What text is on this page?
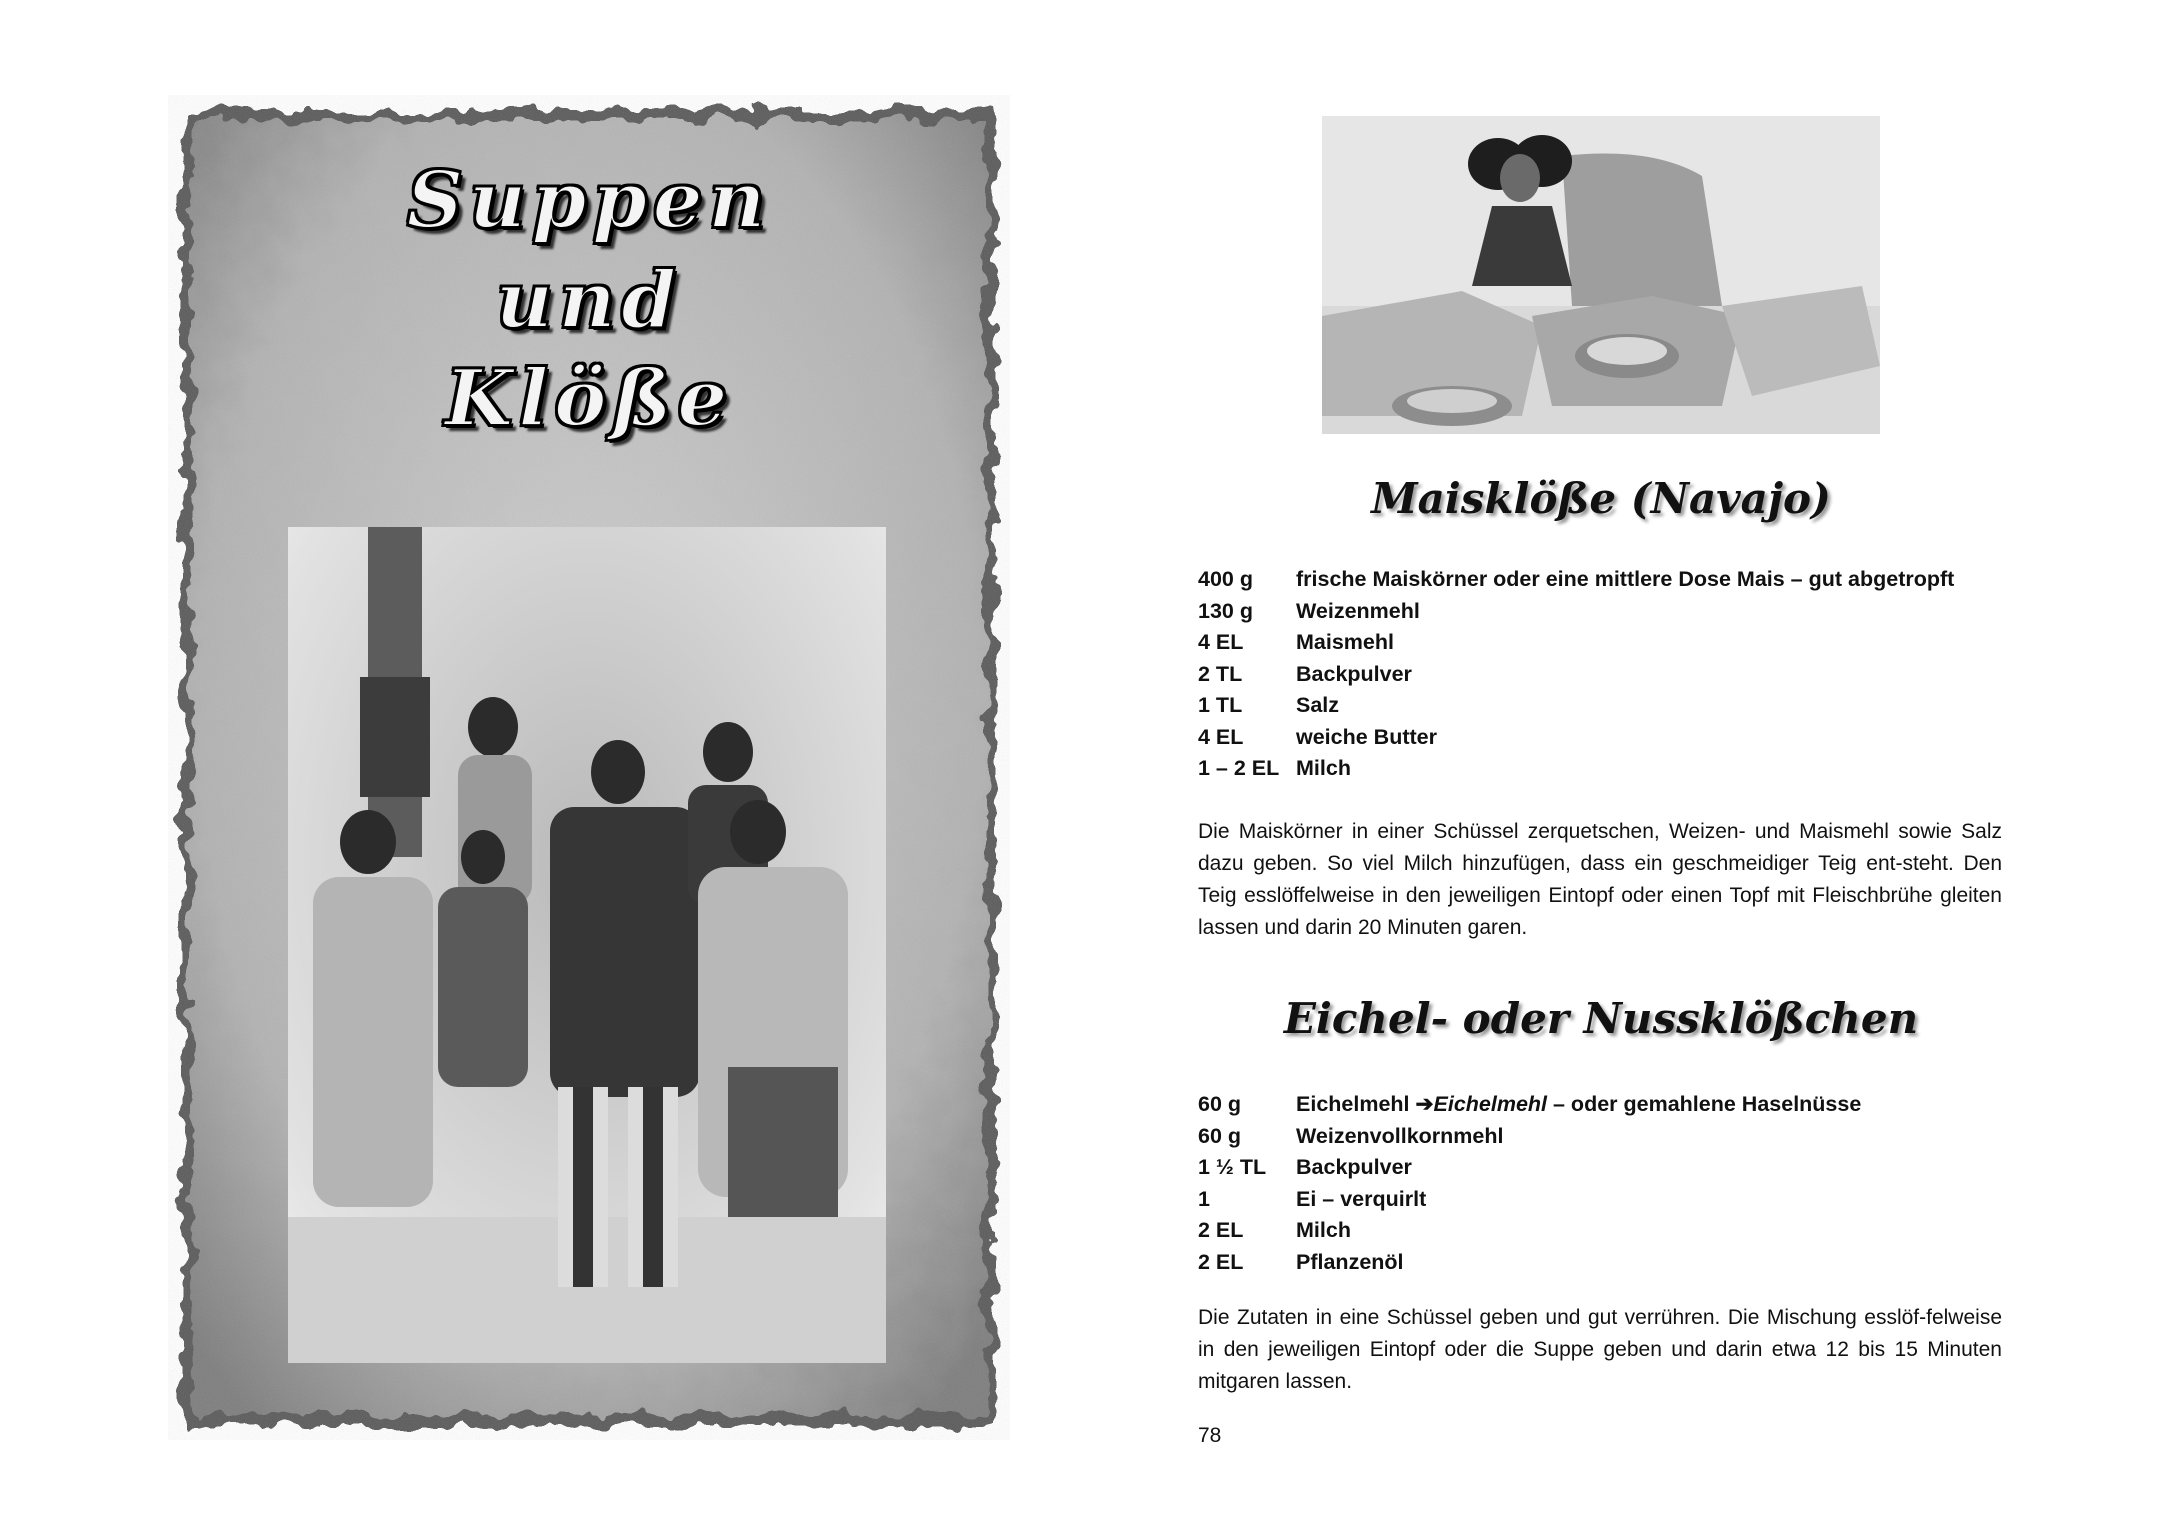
Suppen
und
Klöße
Maisklöße (Navajo)
400 g frische Maiskörner oder eine mittlere Dose Mais – gut abgetropft
130 g Weizenmehl
4 EL Maismehl
2 TL	Backpulver
1 TL	Salz
4 EL weiche Butter
1 – 2 EL Milch
Die Maiskörner in einer Schüssel zerquetschen, Weizen- und Maismehl sowie Salz dazu geben. So viel Milch hinzufügen, dass ein geschmeidiger Teig ent-steht. Den Teig esslöffelweise in den jeweiligen Eintopf oder einen Topf mit Fleischbrühe gleiten lassen und darin 20 Minuten garen.
Eichel- oder Nussklößchen
60 g	Eichelmehl ➔Eichelmehl – oder gemahlene Haselnüsse
60 g	Weizenvollkornmehl
1 ½ TL Backpulver
1	Ei – verquirlt
2 EL Milch
2 EL Pflanzenöl
Die Zutaten in eine Schüssel geben und gut verrühren. Die Mischung esslöf-felweise in den jeweiligen Eintopf oder die Suppe geben und darin etwa 12 bis 15 Minuten mitgaren lassen.
78
